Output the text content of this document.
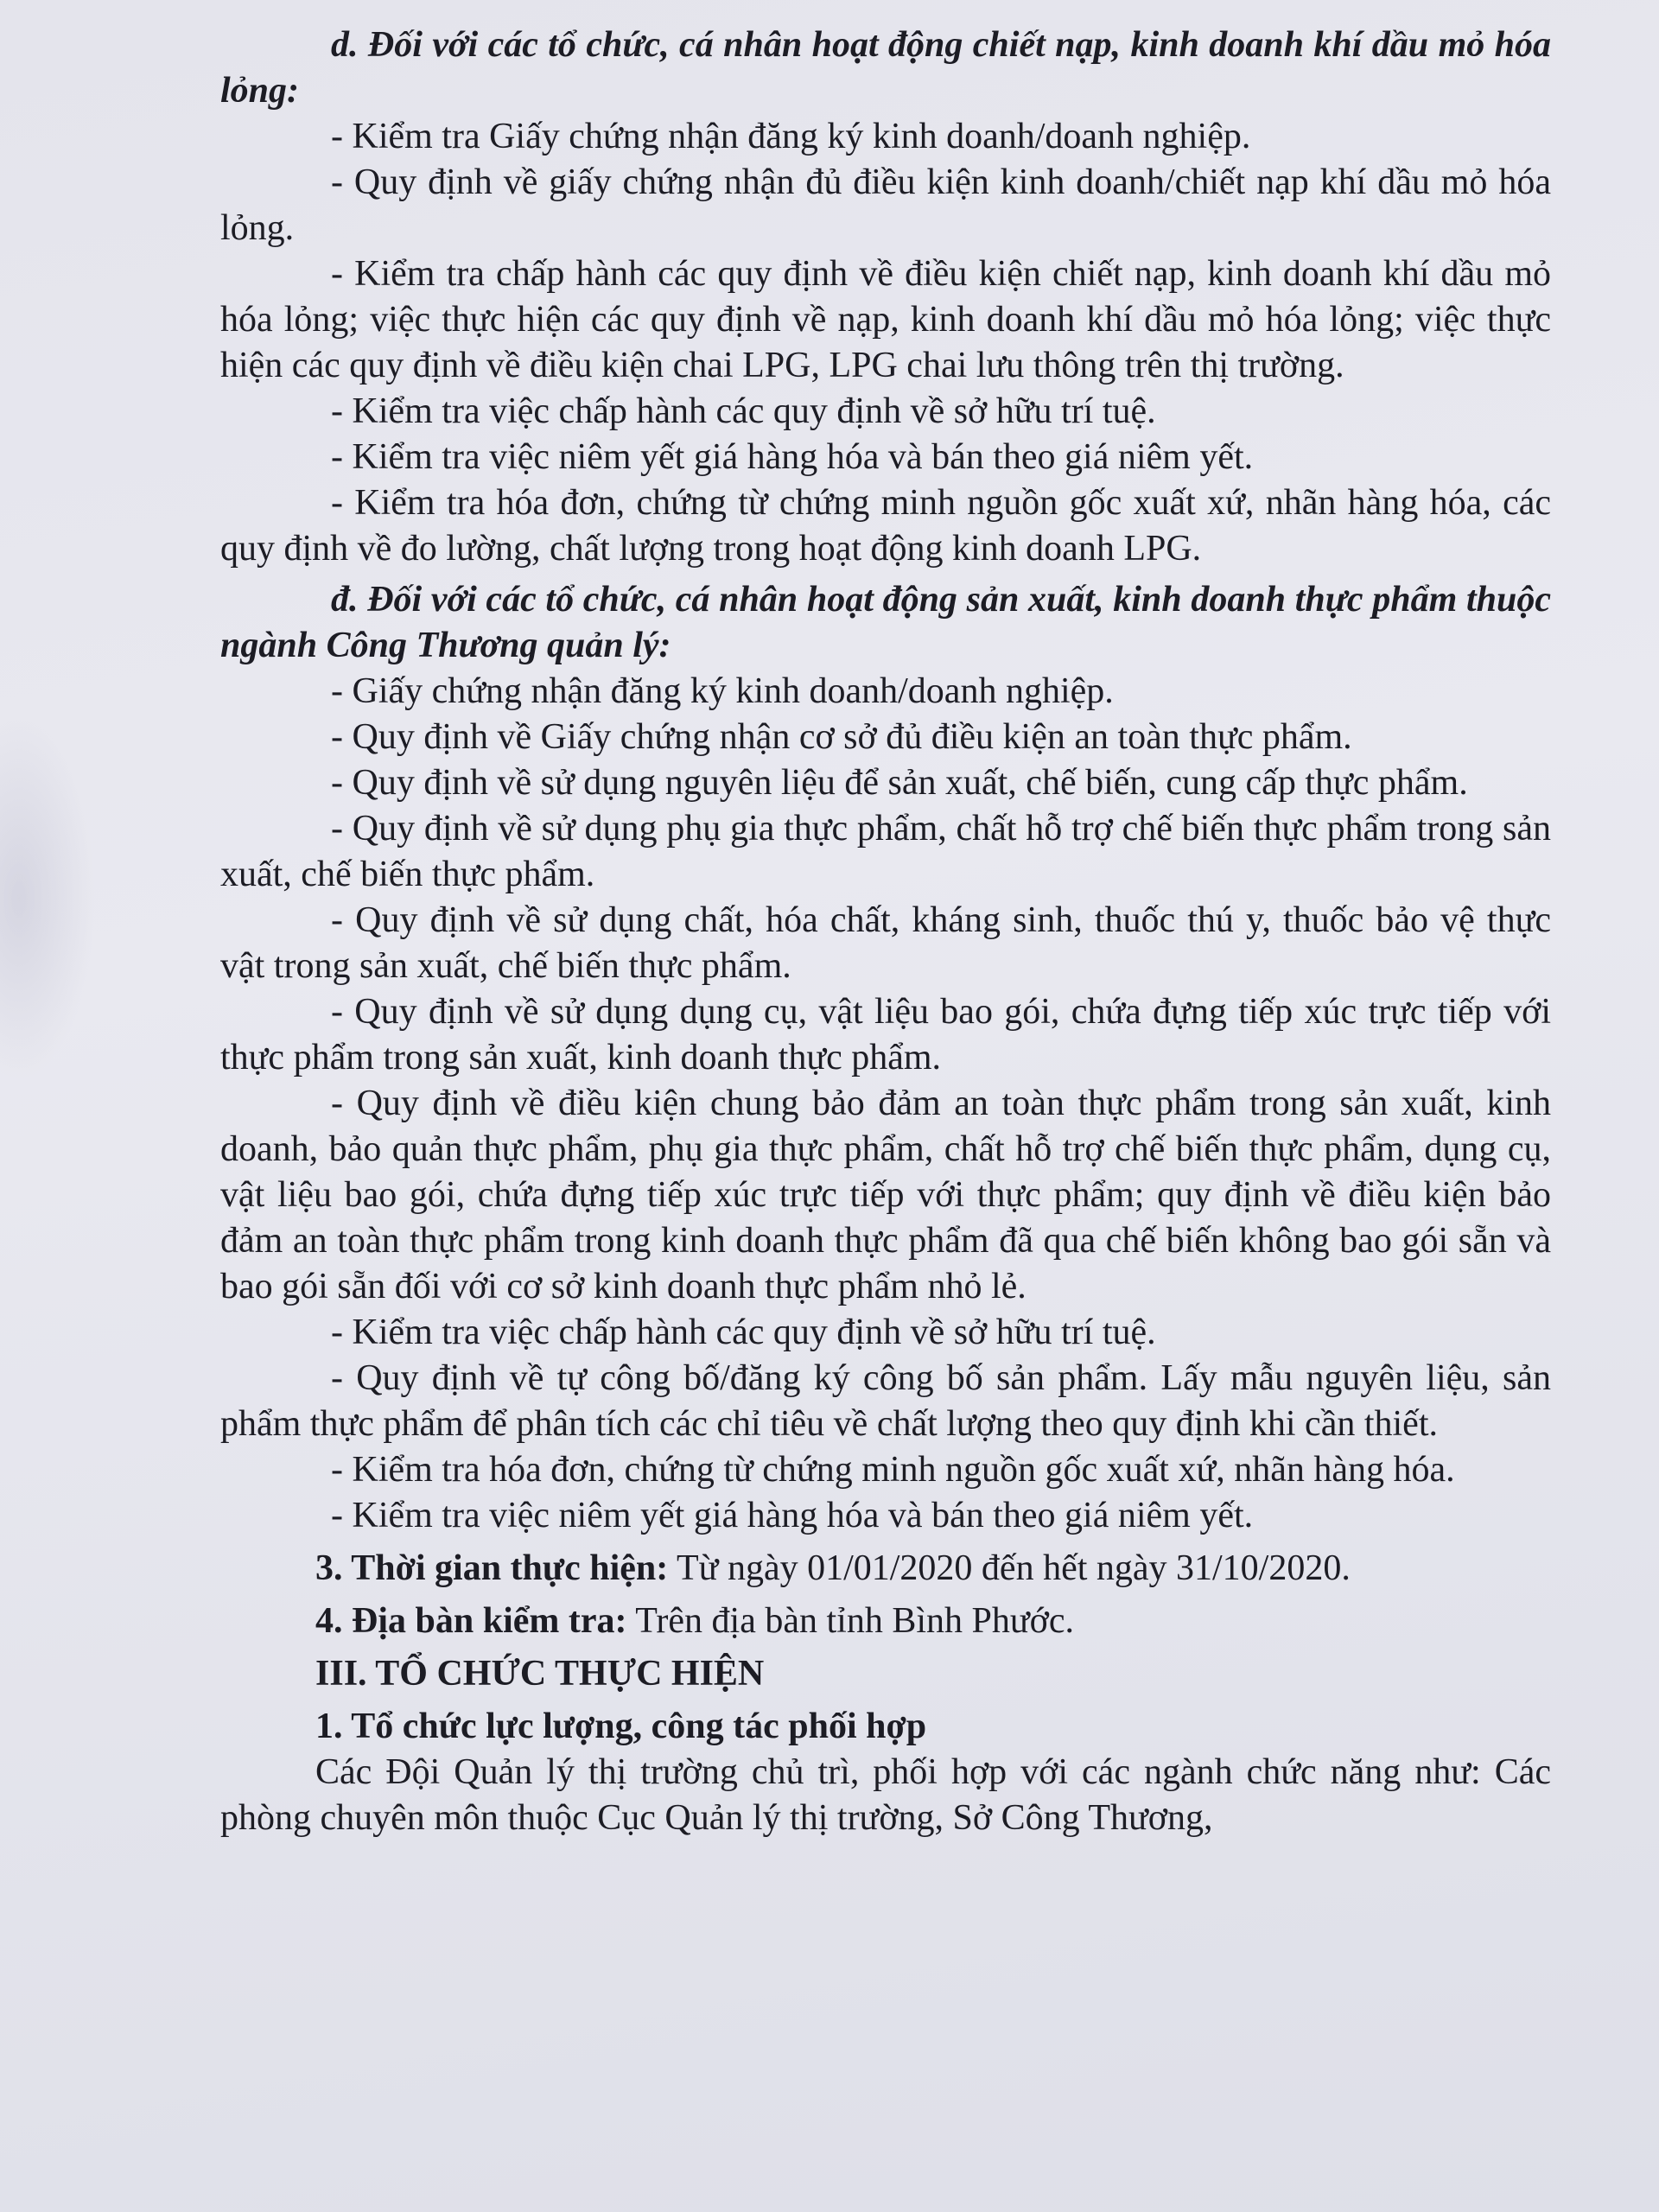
d. Đối với các tổ chức, cá nhân hoạt động chiết nạp, kinh doanh khí dầu mỏ hóa lỏng:

- Kiểm tra Giấy chứng nhận đăng ký kinh doanh/doanh nghiệp.

- Quy định về giấy chứng nhận đủ điều kiện kinh doanh/chiết nạp khí dầu mỏ hóa lỏng.

- Kiểm tra chấp hành các quy định về điều kiện chiết nạp, kinh doanh khí dầu mỏ hóa lỏng; việc thực hiện các quy định về nạp, kinh doanh khí dầu mỏ hóa lỏng; việc thực hiện các quy định về điều kiện chai LPG, LPG chai lưu thông trên thị trường.

- Kiểm tra việc chấp hành các quy định về sở hữu trí tuệ.

- Kiểm tra việc niêm yết giá hàng hóa và bán theo giá niêm yết.

- Kiểm tra hóa đơn, chứng từ chứng minh nguồn gốc xuất xứ, nhãn hàng hóa, các quy định về đo lường, chất lượng trong hoạt động kinh doanh LPG.

đ. Đối với các tổ chức, cá nhân hoạt động sản xuất, kinh doanh thực phẩm thuộc ngành Công Thương quản lý:

- Giấy chứng nhận đăng ký kinh doanh/doanh nghiệp.

- Quy định về Giấy chứng nhận cơ sở đủ điều kiện an toàn thực phẩm.

- Quy định về sử dụng nguyên liệu để sản xuất, chế biến, cung cấp thực phẩm.

- Quy định về sử dụng phụ gia thực phẩm, chất hỗ trợ chế biến thực phẩm trong sản xuất, chế biến thực phẩm.

- Quy định về sử dụng chất, hóa chất, kháng sinh, thuốc thú y, thuốc bảo vệ thực vật trong sản xuất, chế biến thực phẩm.

- Quy định về sử dụng dụng cụ, vật liệu bao gói, chứa đựng tiếp xúc trực tiếp với thực phẩm trong sản xuất, kinh doanh thực phẩm.

- Quy định về điều kiện chung bảo đảm an toàn thực phẩm trong sản xuất, kinh doanh, bảo quản thực phẩm, phụ gia thực phẩm, chất hỗ trợ chế biến thực phẩm, dụng cụ, vật liệu bao gói, chứa đựng tiếp xúc trực tiếp với thực phẩm; quy định về điều kiện bảo đảm an toàn thực phẩm trong kinh doanh thực phẩm đã qua chế biến không bao gói sẵn và bao gói sẵn đối với cơ sở kinh doanh thực phẩm nhỏ lẻ.

- Kiểm tra việc chấp hành các quy định về sở hữu trí tuệ.

- Quy định về tự công bố/đăng ký công bố sản phẩm. Lấy mẫu nguyên liệu, sản phẩm thực phẩm để phân tích các chỉ tiêu về chất lượng theo quy định khi cần thiết.

- Kiểm tra hóa đơn, chứng từ chứng minh nguồn gốc xuất xứ, nhãn hàng hóa.

- Kiểm tra việc niêm yết giá hàng hóa và bán theo giá niêm yết.

3. Thời gian thực hiện: Từ ngày 01/01/2020 đến hết ngày 31/10/2020.

4. Địa bàn kiểm tra: Trên địa bàn tỉnh Bình Phước.

III. TỔ CHỨC THỰC HIỆN

1. Tổ chức lực lượng, công tác phối hợp

Các Đội Quản lý thị trường chủ trì, phối hợp với các ngành chức năng như: Các phòng chuyên môn thuộc Cục Quản lý thị trường, Sở Công Thương,
